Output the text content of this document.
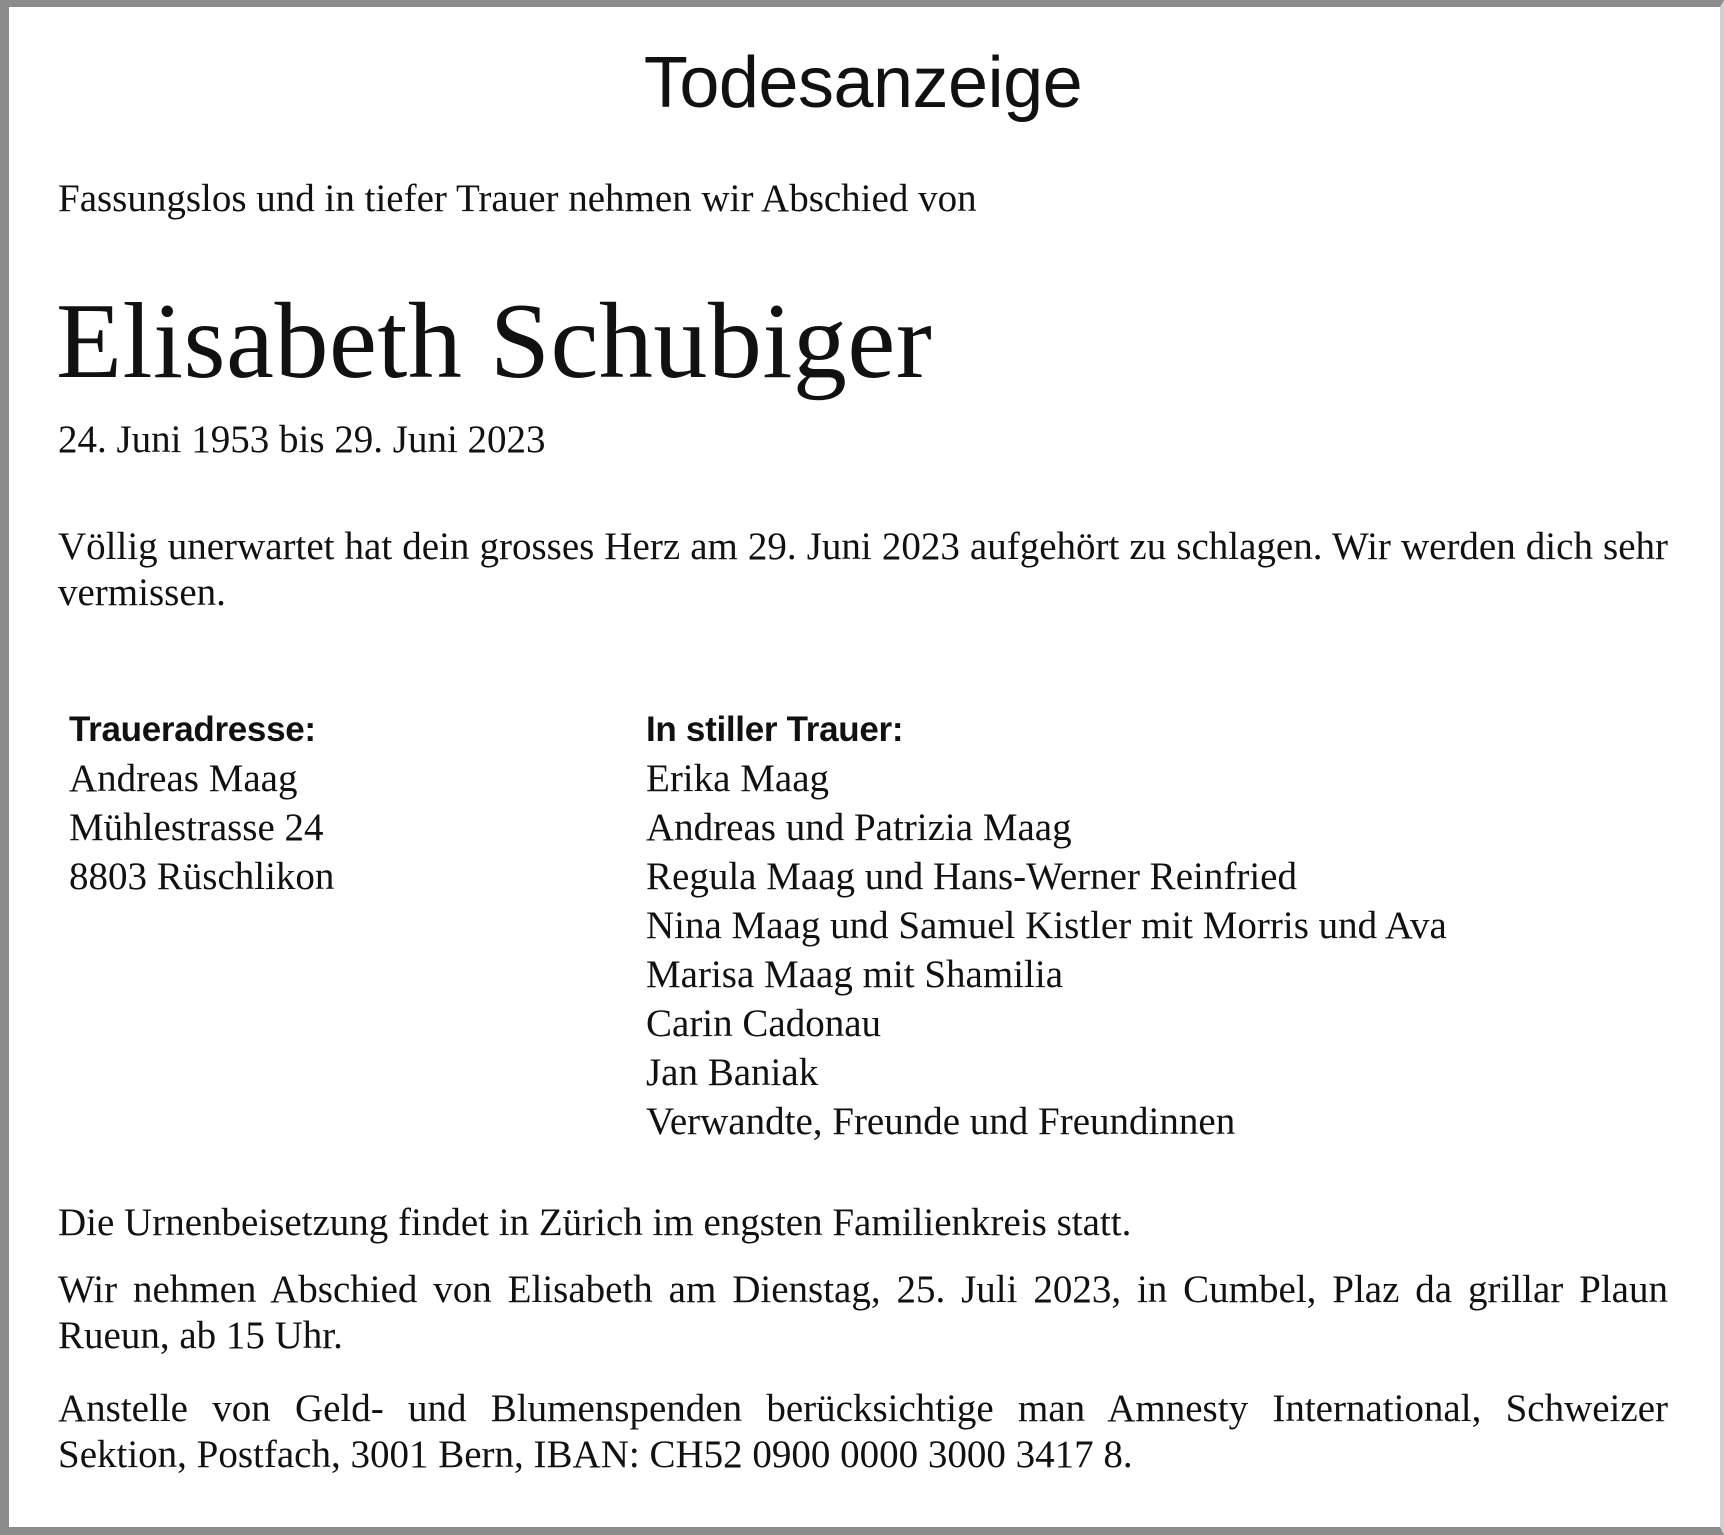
Todesanzeige

Fassungslos und in tiefer Trauer nehmen wir Abschied von

Elisabeth Schubiger

24. Juni 1953 bis 29. Juni 2023

Völlig unerwartet hat dein grosses Herz am 29. Juni 2023 aufgehört zu schlagen. Wir werden dich sehr vermissen.

Traueradresse:
Andreas Maag
Mühlestrasse 24
8803 Rüschlikon
In stiller Trauer:
Erika Maag
Andreas und Patrizia Maag
Regula Maag und Hans-Werner Reinfried
Nina Maag und Samuel Kistler mit Morris und Ava
Marisa Maag mit Shamilia
Carin Cadonau
Jan Baniak
Verwandte, Freunde und Freundinnen

Die Urnenbeisetzung findet in Zürich im engsten Familienkreis statt.

Wir nehmen Abschied von Elisabeth am Dienstag, 25. Juli 2023, in Cumbel, Plaz da grillar Plaun Rueun, ab 15 Uhr.

Anstelle von Geld- und Blumenspenden berücksichtige man Amnesty International, Schweizer Sektion, Postfach, 3001 Bern, IBAN: CH52 0900 0000 3000 3417 8.
